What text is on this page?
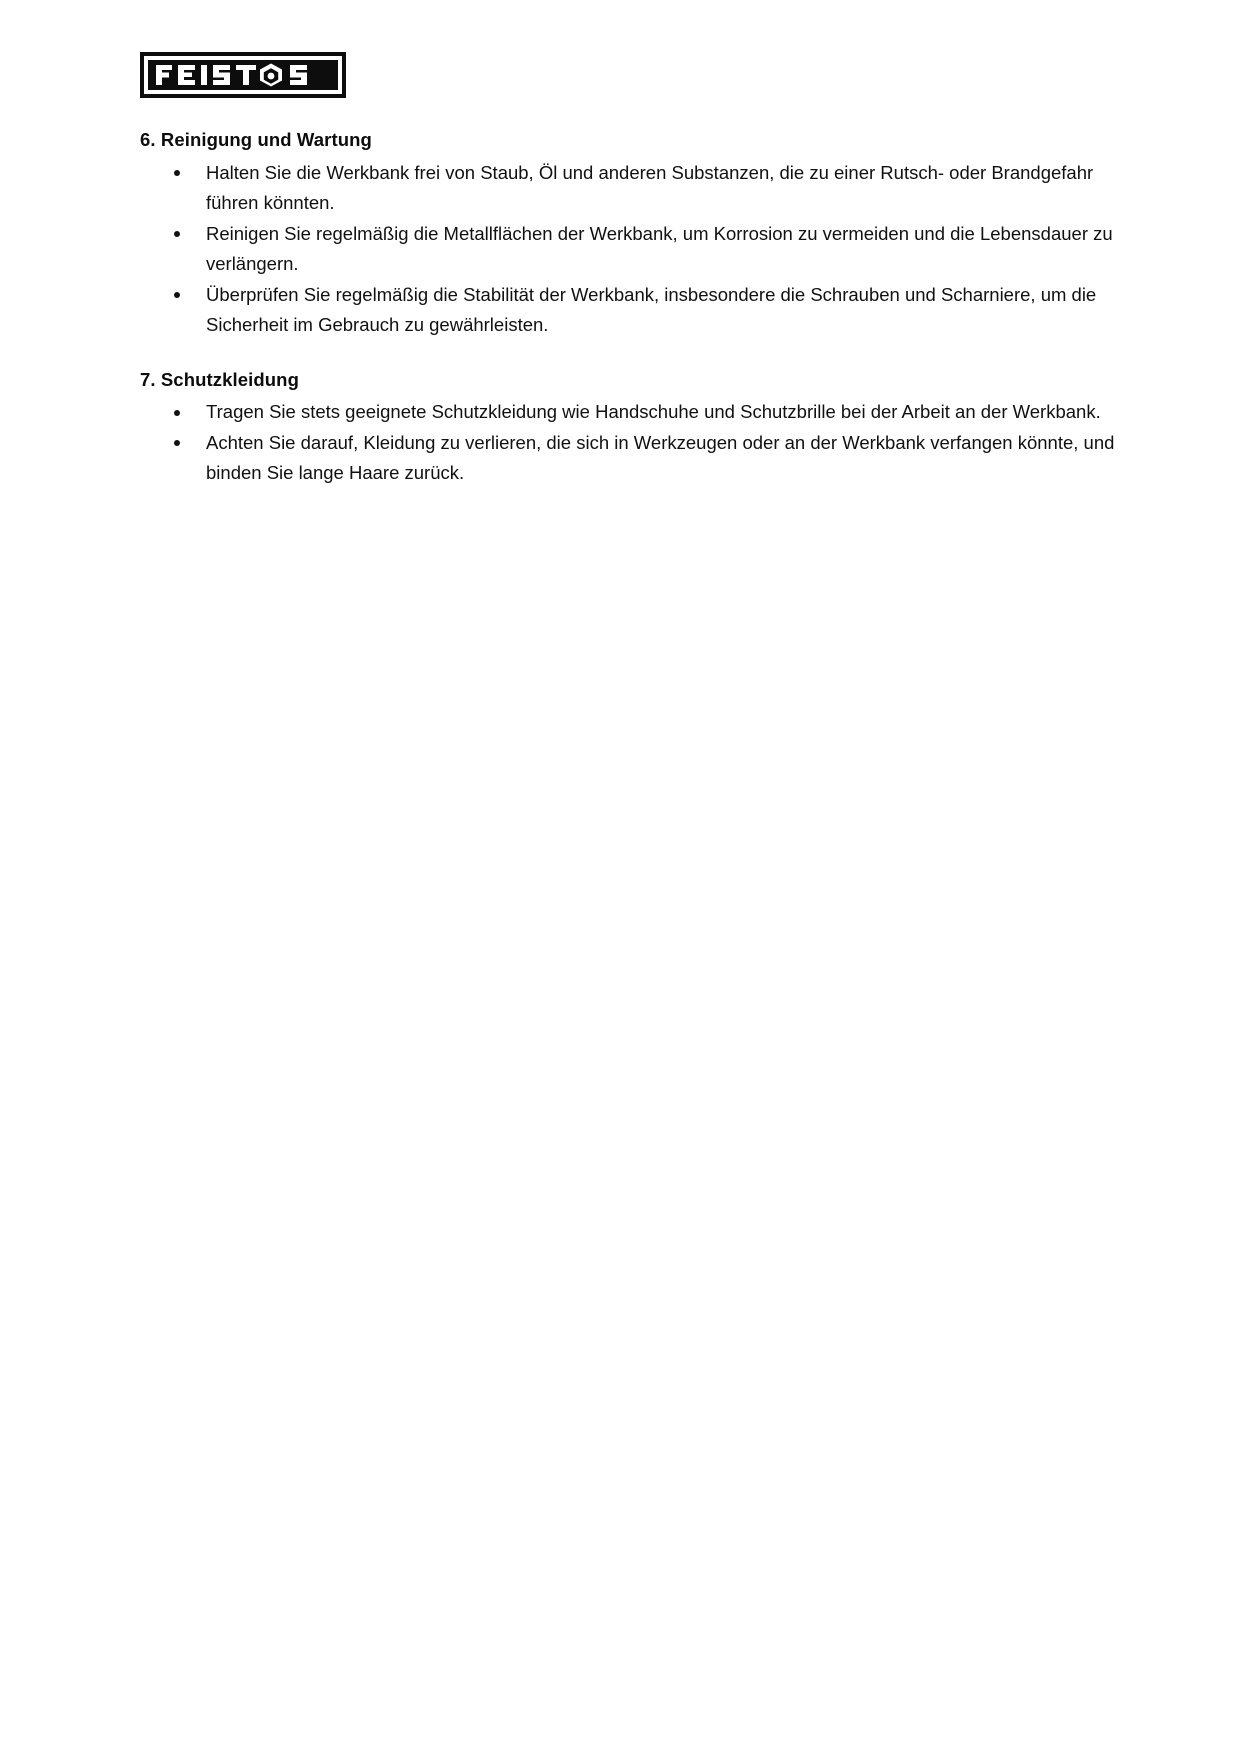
6. Reinigung und Wartung
Halten Sie die Werkbank frei von Staub, Öl und anderen Substanzen, die zu einer Rutsch- oder Brandgefahr führen könnten.
Reinigen Sie regelmäßig die Metallflächen der Werkbank, um Korrosion zu vermeiden und die Lebensdauer zu verlängern.
Überprüfen Sie regelmäßig die Stabilität der Werkbank, insbesondere die Schrauben und Scharniere, um die Sicherheit im Gebrauch zu gewährleisten.
7. Schutzkleidung
Tragen Sie stets geeignete Schutzkleidung wie Handschuhe und Schutzbrille bei der Arbeit an der Werkbank.
Achten Sie darauf, Kleidung zu verlieren, die sich in Werkzeugen oder an der Werkbank verfangen könnte, und binden Sie lange Haare zurück.
